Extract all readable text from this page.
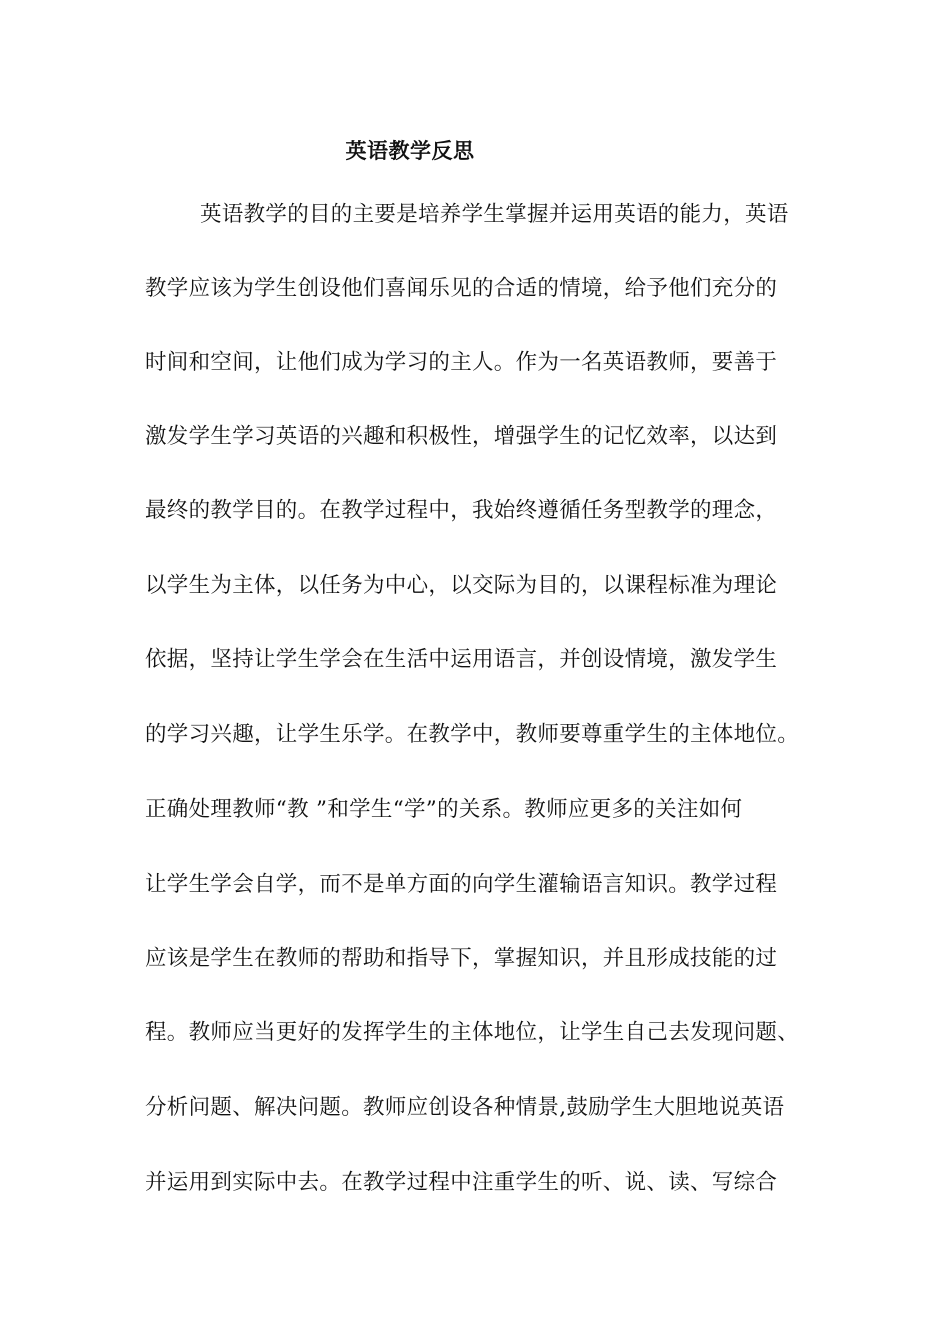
英语教学反思
英语教学的目的主要是培养学生掌握并运用英语的能力，英语
教学应该为学生创设他们喜闻乐见的合适的情境，给予他们充分的
时间和空间，让他们成为学习的主人。作为一名英语教师，要善于
激发学生学习英语的兴趣和积极性，增强学生的记忆效率，以达到
最终的教学目的。在教学过程中，我始终遵循任务型教学的理念，
以学生为主体，以任务为中心，以交际为目的，以课程标准为理论
依据，坚持让学生学会在生活中运用语言，并创设情境，激发学生
的学习兴趣，让学生乐学。在教学中，教师要尊重学生的主体地位。
正确处理教师“教 ”和学生“学”的关系。教师应更多的关注如何
让学生学会自学，而不是单方面的向学生灌输语言知识。教学过程
应该是学生在教师的帮助和指导下，掌握知识，并且形成技能的过
程。教师应当更好的发挥学生的主体地位，让学生自己去发现问题、
分析问题、解决问题。教师应创设各种情景,鼓励学生大胆地说英语
并运用到实际中去。在教学过程中注重学生的听、说、读、写综合
